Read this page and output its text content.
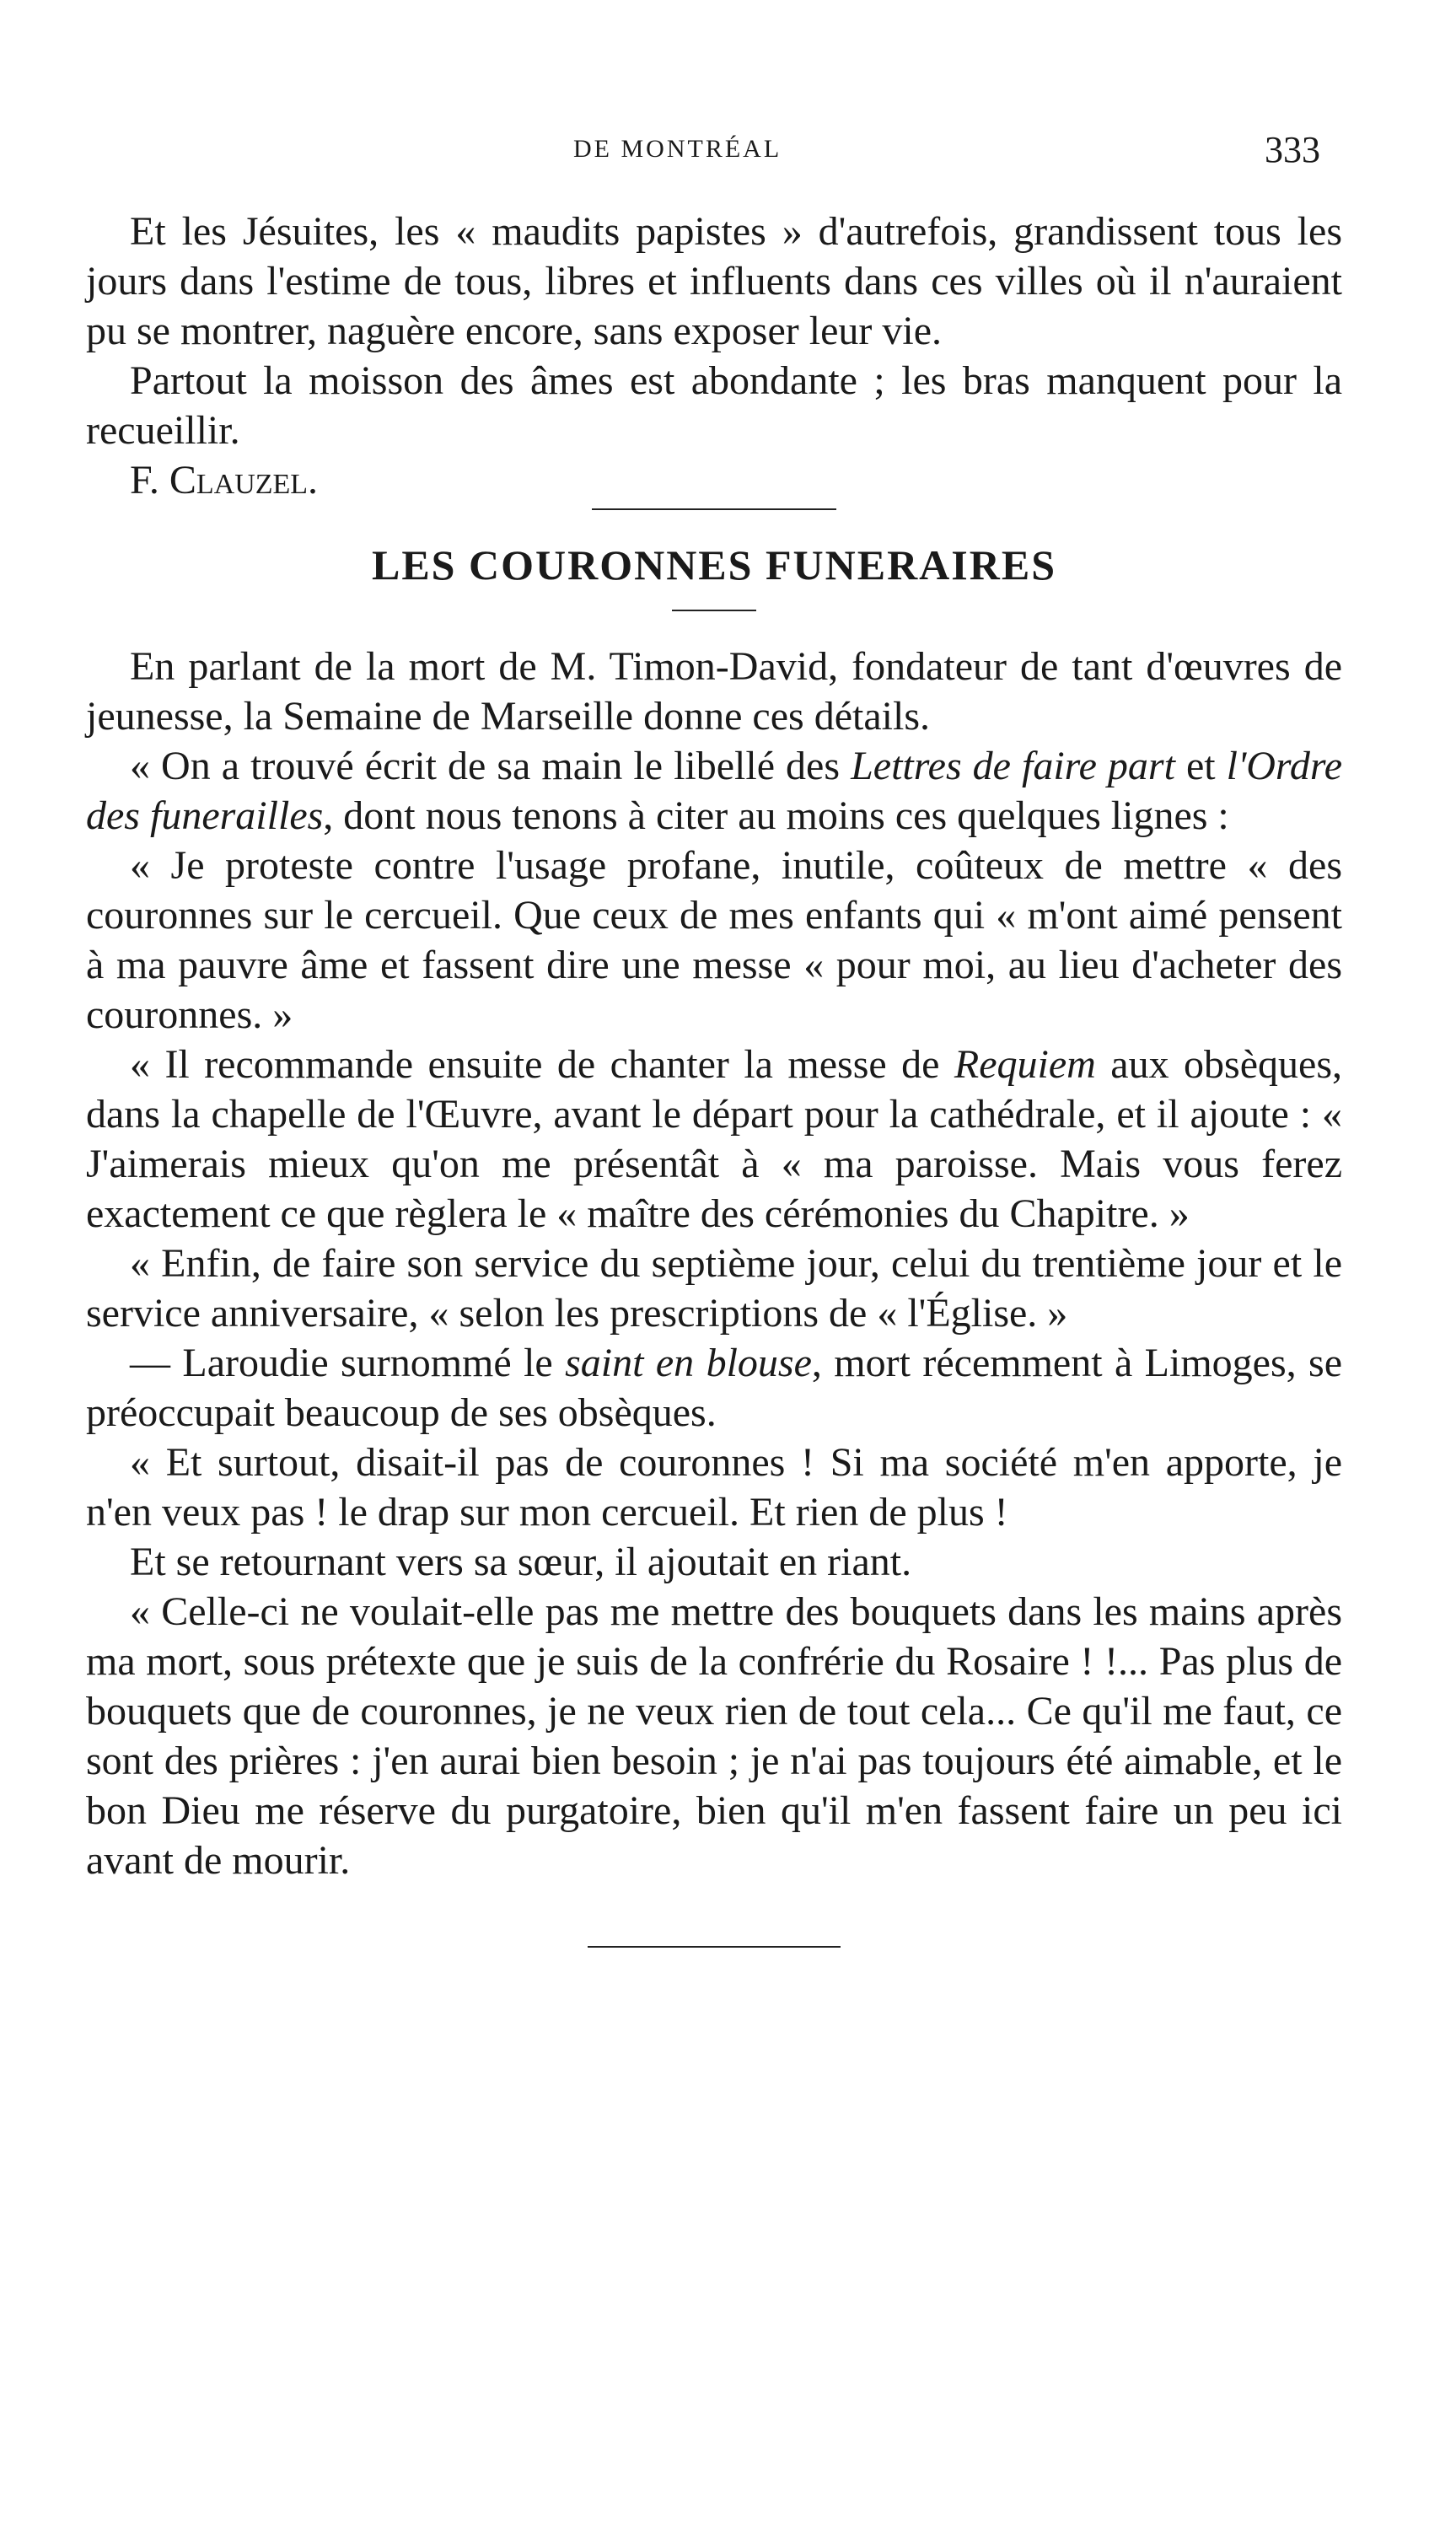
DE MONTRÉAL	333

Et les Jésuites, les « maudits papistes » d'autrefois, grandissent tous les jours dans l'estime de tous, libres et influents dans ces villes où il n'auraient pu se montrer, naguère encore, sans exposer leur vie.

Partout la moisson des âmes est abondante ; les bras manquent pour la recueillir.

F. Clauzel.

LES COURONNES FUNERAIRES

En parlant de la mort de M. Timon-David, fondateur de tant d'œuvres de jeunesse, la Semaine de Marseille donne ces détails.

« On a trouvé écrit de sa main le libellé des Lettres de faire part et l'Ordre des funerailles, dont nous tenons à citer au moins ces quelques lignes :

« Je proteste contre l'usage profane, inutile, coûteux de mettre « des couronnes sur le cercueil. Que ceux de mes enfants qui « m'ont aimé pensent à ma pauvre âme et fassent dire une messe « pour moi, au lieu d'acheter des couronnes. »

« Il recommande ensuite de chanter la messe de Requiem aux obsèques, dans la chapelle de l'Œuvre, avant le départ pour la cathédrale, et il ajoute : « J'aimerais mieux qu'on me présentât à « ma paroisse. Mais vous ferez exactement ce que règlera le « maître des cérémonies du Chapitre. »

« Enfin, de faire son service du septième jour, celui du trentième jour et le service anniversaire, « selon les prescriptions de « l'Église. »

— Laroudie surnommé le saint en blouse, mort récemment à Limoges, se préoccupait beaucoup de ses obsèques.

« Et surtout, disait-il pas de couronnes ! Si ma société m'en apporte, je n'en veux pas ! le drap sur mon cercueil. Et rien de plus !

Et se retournant vers sa sœur, il ajoutait en riant.

« Celle-ci ne voulait-elle pas me mettre des bouquets dans les mains après ma mort, sous prétexte que je suis de la confrérie du Rosaire ! !... Pas plus de bouquets que de couronnes, je ne veux rien de tout cela... Ce qu'il me faut, ce sont des prières : j'en aurai bien besoin ; je n'ai pas toujours été aimable, et le bon Dieu me réserve du purgatoire, bien qu'il m'en fassent faire un peu ici avant de mourir.
